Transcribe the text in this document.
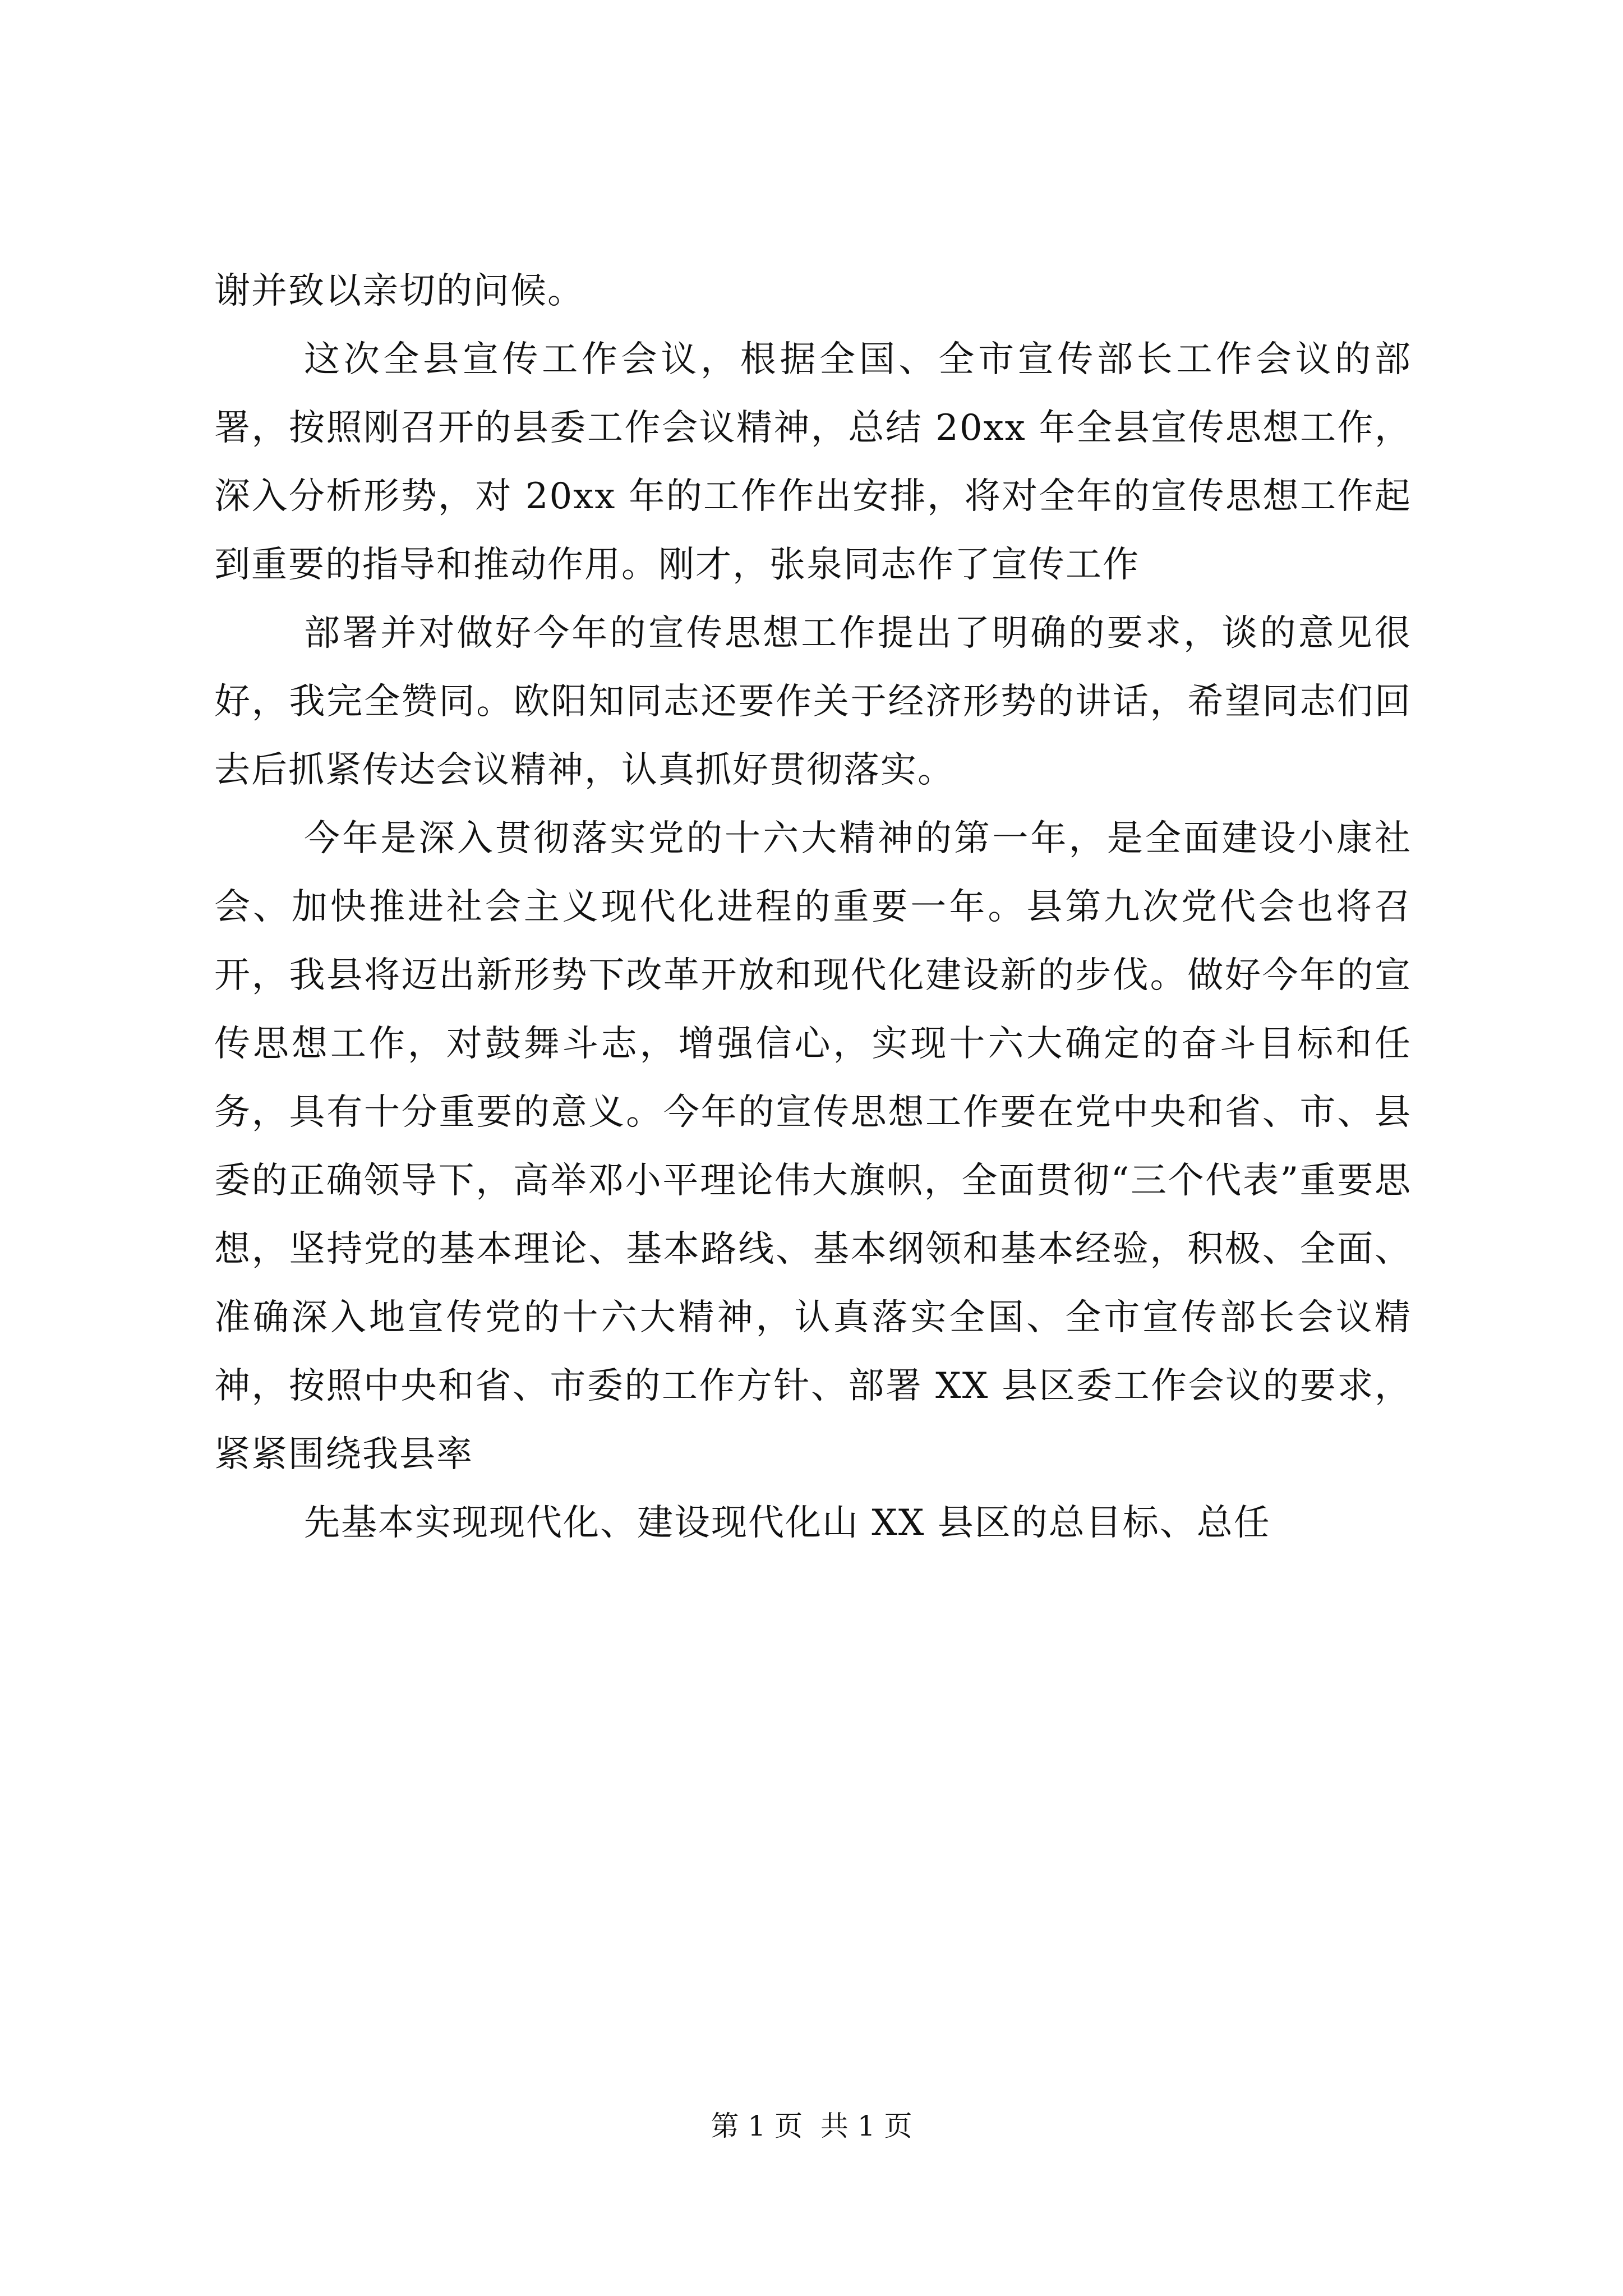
谢并致以亲切的问候。

这次全县宣传工作会议，根据全国、全市宣传部长工作会议的部署，按照刚召开的县委工作会议精神，总结 20xx 年全县宣传思想工作，深入分析形势，对 20xx 年的工作作出安排，将对全年的宣传思想工作起到重要的指导和推动作用。刚才，张泉同志作了宣传工作

部署并对做好今年的宣传思想工作提出了明确的要求，谈的意见很好，我完全赞同。欧阳知同志还要作关于经济形势的讲话，希望同志们回去后抓紧传达会议精神，认真抓好贯彻落实。

今年是深入贯彻落实党的十六大精神的第一年，是全面建设小康社会、加快推进社会主义现代化进程的重要一年。县第九次党代会也将召开，我县将迈出新形势下改革开放和现代化建设新的步伐。做好今年的宣传思想工作，对鼓舞斗志，增强信心，实现十六大确定的奋斗目标和任务，具有十分重要的意义。今年的宣传思想工作要在党中央和省、市、县委的正确领导下，高举邓小平理论伟大旗帜，全面贯彻“三个代表”重要思想，坚持党的基本理论、基本路线、基本纲领和基本经验，积极、全面、准确深入地宣传党的十六大精神，认真落实全国、全市宣传部长会议精神，按照中央和省、市委的工作方针、部署 XX 县区委工作会议的要求，紧紧围绕我县率

先基本实现现代化、建设现代化山 XX 县区的总目标、总任

第 1 页  共 1 页
